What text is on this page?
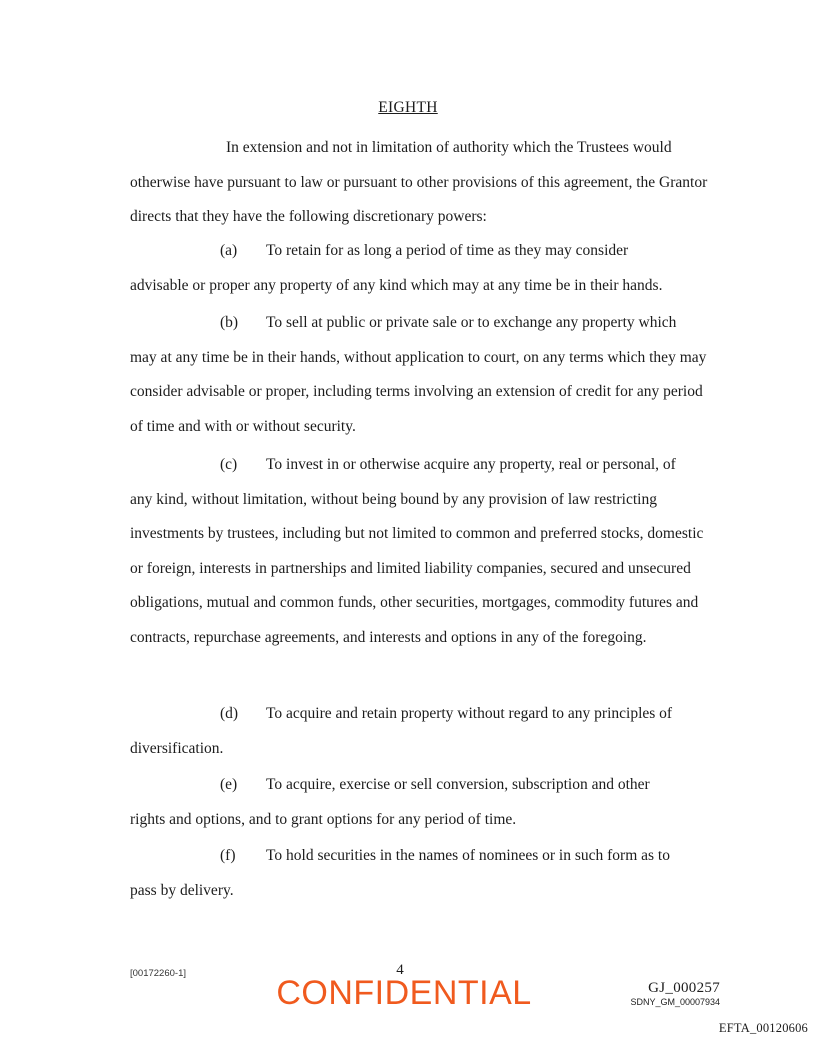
EIGHTH

In extension and not in limitation of authority which the Trustees would
otherwise have pursuant to law or pursuant to other provisions of this agreement, the Grantor directs that they have the following discretionary powers:

(a) To retain for as long a period of time as they may consider
advisable or proper any property of any kind which may at any time be in their hands.

(b) To sell at public or private sale or to exchange any property which
may at any time be in their hands, without application to court, on any terms which they may consider advisable or proper, including terms involving an extension of credit for any period of time and with or without security.

(c) To invest in or otherwise acquire any property, real or personal, of
any kind, without limitation, without being bound by any provision of law restricting investments by trustees, including but not limited to common and preferred stocks, domestic or foreign, interests in partnerships and limited liability companies, secured and unsecured obligations, mutual and common funds, other securities, mortgages, commodity futures and contracts, repurchase agreements, and interests and options in any of the foregoing.

(d) To acquire and retain property without regard to any principles of
diversification.

(e) To acquire, exercise or sell conversion, subscription and other
rights and options, and to grant options for any period of time.

(f) To hold securities in the names of nominees or in such form as to
pass by delivery.

[00172260-1]	4
CONFIDENTIAL	GJ_000257
SDNY_GM_00007934
EFTA_00120606
